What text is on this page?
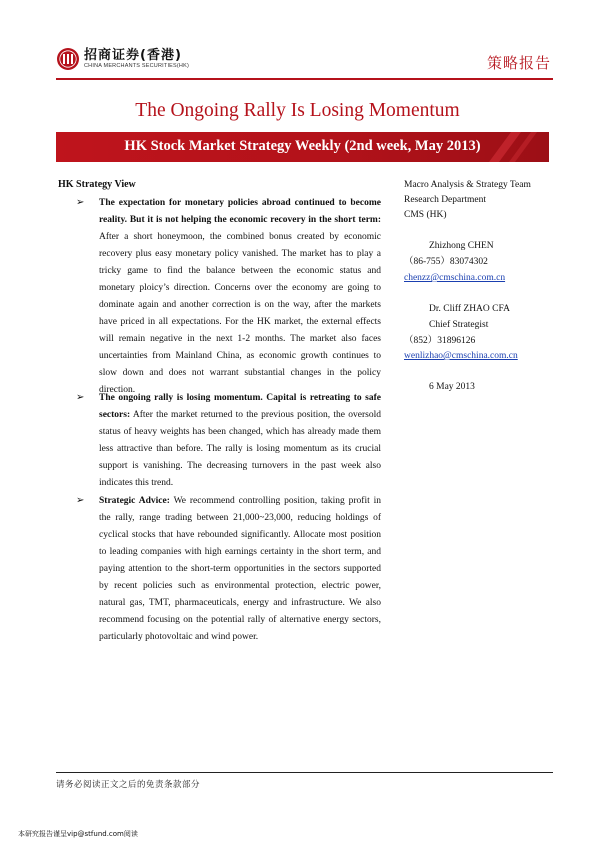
招商证券(香港)
CHINA MERCHANTS SECURITIES(HK)	策略报告
The Ongoing Rally Is Losing Momentum
HK Stock Market Strategy Weekly (2nd week, May 2013)
HK Strategy View
➢ The expectation for monetary policies abroad continued to become reality. But it is not helping the economic recovery in the short term: After a short honeymoon, the combined bonus created by economic recovery plus easy monetary policy vanished. The market has to play a tricky game to find the balance between the economic status and monetary ploicy’s direction. Concerns over the economy are going to dominate again and another correction is on the way, after the markets have priced in all expectations. For the HK market, the external effects will remain negative in the next 1-2 months. The market also faces uncertainties from Mainland China, as economic growth continues to slow down and does not warrant substantial changes in the policy direction.
➢ The ongoing rally is losing momentum. Capital is retreating to safe sectors: After the market returned to the previous position, the oversold status of heavy weights has been changed, which has already made them less attractive than before. The rally is losing momentum as its crucial support is vanishing. The decreasing turnovers in the past week also indicates this trend.
➢ Strategic Advice: We recommend controlling position, taking profit in the rally, range trading between 21,000~23,000, reducing holdings of cyclical stocks that have rebounded significantly. Allocate most position to leading companies with high earnings certainty in the short term, and paying attention to the short-term opportunities in the sectors supported by recent policies such as environmental protection, electric power, natural gas, TMT, pharmaceuticals, energy and infrastructure. We also recommend focusing on the potential rally of alternative energy sectors, particularly photovoltaic and wind power.
Macro Analysis & Strategy Team
Research Department
CMS (HK)
Zhizhong CHEN
（86-755）83074302
chenzz@cmschina.com.cn
Dr. Cliff ZHAO CFA
Chief Strategist
（852）31896126
wenlizhao@cmschina.com.cn
6 May 2013
请务必阅读正文之后的免责条款部分
本研究报告谨呈vip@stfund.com阅读
